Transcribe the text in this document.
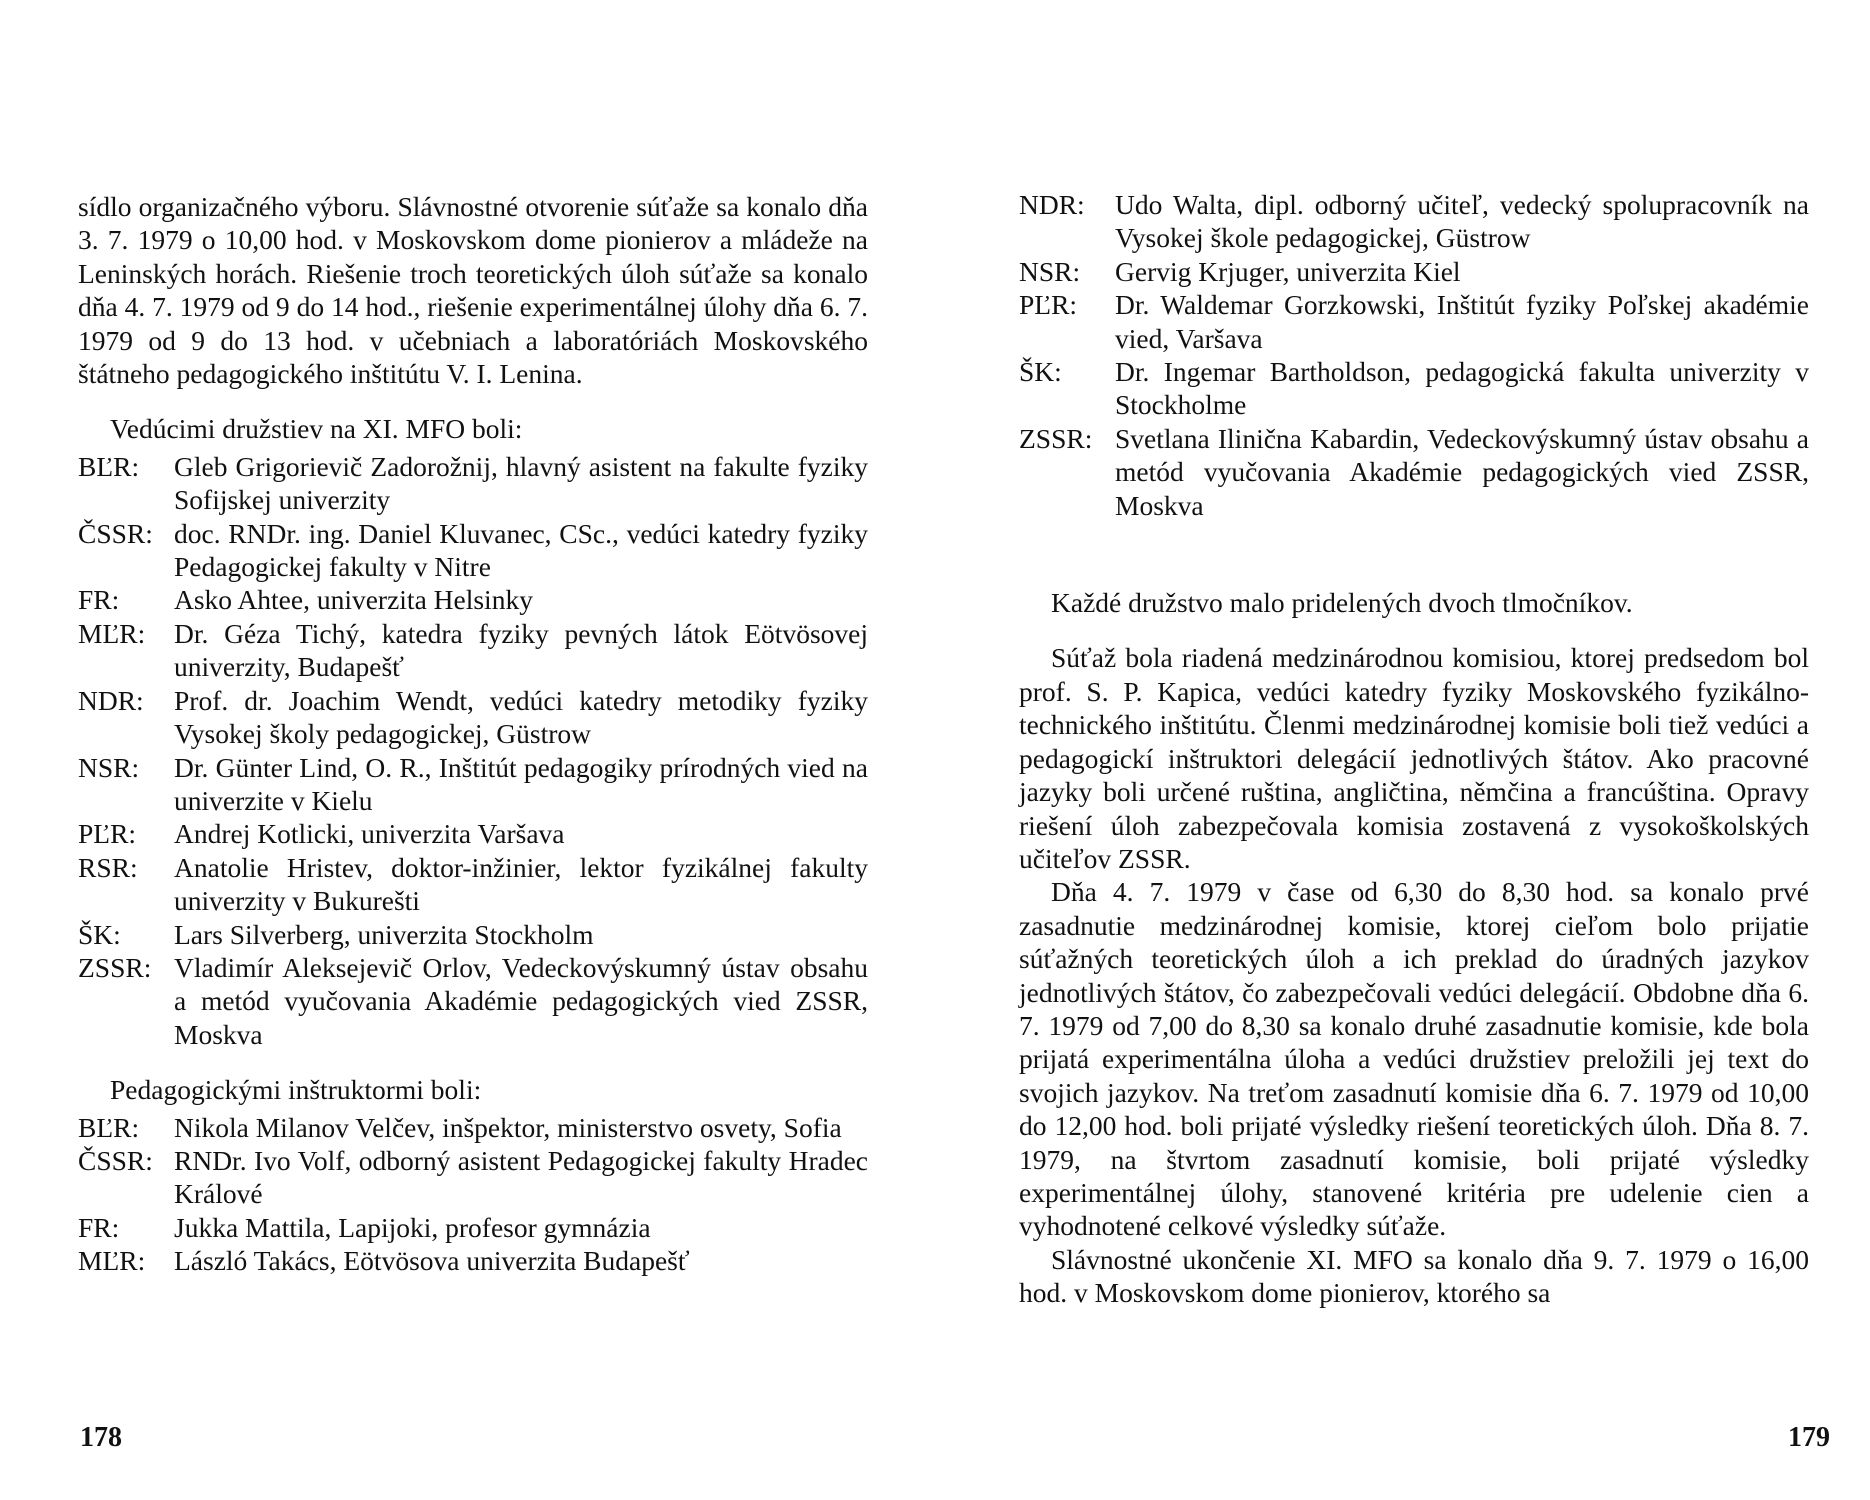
sídlo organizačného výboru. Slávnostné otvorenie súťaže sa konalo dňa 3. 7. 1979 o 10,00 hod. v Moskovskom dome pionierov a mládeže na Leninských horách. Riešenie troch teoretických úloh súťaže sa konalo dňa 4. 7. 1979 od 9 do 14 hod., riešenie experimentálnej úlohy dňa 6. 7. 1979 od 9 do 13 hod. v učebniach a laboratóriách Moskovského štátneho pedagogického inštitútu V. I. Lenina.

Vedúcimi družstiev na XI. MFO boli:

BĽR:	Gleb Grigorievič Zadorožnij, hlavný asistent na fakulte fyziky Sofijskej univerzity
ČSSR: doc. RNDr. ing. Daniel Kluvanec, CSc., vedúci katedry fyziky Pedagogickej fakulty v Nitre
FR:	Asko Ahtee, univerzita Helsinky
MĽR:	Dr. Géza Tichý, katedra fyziky pevných látok Eötvösovej univerzity, Budapešť
NDR:	Prof. dr. Joachim Wendt, vedúci katedry metodiky fyziky Vysokej školy pedagogickej, Güstrow
NSR:	Dr. Günter Lind, O. R., Inštitút pedagogiky prírodných vied na univerzite v Kielu
PĽR:	Andrej Kotlicki, univerzita Varšava
RSR:	Anatolie Hristev, doktor-inžinier, lektor fyzikálnej fakulty univerzity v Bukurešti
ŠK:	Lars Silverberg, univerzita Stockholm
ZSSR: Vladimír Aleksejevič Orlov, Vedeckovýskumný ústav obsahu a metód vyučovania Akadémie pedagogických vied ZSSR, Moskva

Pedagogickými inštruktormi boli:

BĽR:	Nikola Milanov Velčev, inšpektor, ministerstvo osvety, Sofia
ČSSR: RNDr. Ivo Volf, odborný asistent Pedagogickej fakulty Hradec Králové
FR:	Jukka Mattila, Lapijoki, profesor gymnázia
MĽR:	László Takács, Eötvösova univerzita Budapešť
178
NDR:	Udo Walta, dipl. odborný učiteľ, vedecký spolupracovník na Vysokej škole pedagogickej, Güstrow
NSR:	Gervig Krjuger, univerzita Kiel
PĽR:	Dr. Waldemar Gorzkowski, Inštitút fyziky Poľskej akadémie vied, Varšava
ŠK:	Dr. Ingemar Bartholdson, pedagogická fakulta univerzity v Stockholme
ZSSR: Svetlana Iliničn​a Kabardin, Vedeckovýskumný ústav obsahu a metód vyučovania Akadémie pedagogických vied ZSSR, Moskva

Každé družstvo malo pridelených dvoch tlmočníkov.

Súťaž bola riadená medzinárodnou komisiou, ktorej predsedom bol prof. S. P. Kapica, vedúci katedry fyziky Moskovského fyzikálno-technického inštitútu. Členmi medzinárodnej komisie boli tiež vedúci a pedagogickí inštruktori delegácií jednotlivých štátov. Ako pracovné jazyky boli určené ruština, angličtina, němčina a francúština. Opravy riešení úloh zabezpečovala komisia zostavená z vysokoškolských učiteľov ZSSR.

Dňa 4. 7. 1979 v čase od 6,30 do 8,30 hod. sa konalo prvé zasadnutie medzinárodnej komisie, ktorej cieľom bolo prijatie súťažných teoretických úloh a ich preklad do úradných jazykov jednotlivých štátov, čo zabezpečovali vedúci delegácií. Obdobne dňa 6. 7. 1979 od 7,00 do 8,30 sa konalo druhé zasadnutie komisie, kde bola prijatá experimentálna úloha a vedúci družstiev preložili jej text do svojich jazykov. Na treťom zasadnutí komisie dňa 6. 7. 1979 od 10,00 do 12,00 hod. boli prijaté výsledky riešení teoretických úloh. Dňa 8. 7. 1979, na štvrtom zasadnutí komisie, boli prijaté výsledky experimentálnej úlohy, stanovené kritéria pre udelenie cien a vyhodnotené celkové výsledky súťaže.

Slávnostné ukončenie XI. MFO sa konalo dňa 9. 7. 1979 o 16,00 hod. v Moskovskom dome pionierov, ktorého sa

179
